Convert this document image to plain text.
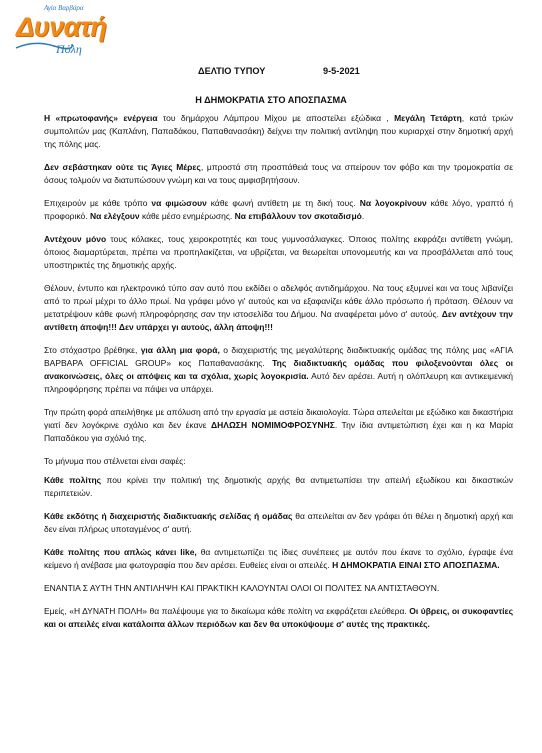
Αγία Βαρβάρα
Δυνατή
Πόλη
ΔΕΛΤΙΟ ΤΥΠΟΥ	9-5-2021
Η ΔΗΜΟΚΡΑΤΙΑ ΣΤΟ ΑΠΟΣΠΑΣΜΑ

Η «πρωτοφανής» ενέργεια του δημάρχου Λάμπρου Μίχου με αποστείλει εξώδικα , Μεγάλη Τετάρτη, κατά τριών συμπολιτών μας (Καπλάνη, Παπαδάκου, Παπαθανασάκη) δείχνει την πολιτική αντίληψη που κυριαρχεί στην δημοτική αρχή της πόλης μας.

Δεν σεβάστηκαν ούτε τις Άγιες Μέρες, μπροστά στη προσπάθειά τους να σπείρουν τον φόβο και την τρομοκρατία σε όσους τολμούν να διατυπώσουν γνώμη και να τους αμφισβητήσουν.

Επιχειρούν με κάθε τρόπο να φιμώσουν κάθε φωνή αντίθετη με τη δική τους. Να λογοκρίνουν κάθε λόγο, γραπτό ή προφορικό. Να ελέγξουν κάθε μέσο ενημέρωσης. Να επιβάλλουν τον σκοταδισμό.

Αντέχουν μόνο τους κόλακες, τους χειροκροτητές και τους γυμνοσάλιαγκες. Όποιος πολίτης εκφράζει αντίθετη γνώμη, όποιος διαμαρτύρεται, πρέπει να προπηλακίζεται, να υβρίζεται, να θεωρείται υπονομευτής και να προσβάλλεται από τους υποστηρικτές της δημοτικής αρχής.

Θέλουν, έντυπο και ηλεκτρονικό τύπο σαν αυτό που εκδίδει ο αδελφός αντιδημάρχου. Να τους εξυμνεί και να τους λιβανίζει από το πρωί μέχρι το άλλο πρωί. Να γράφει μόνο γι' αυτούς και να εξαφανίζει κάθε άλλο πρόσωπο ή πρόταση. Θέλουν να μετατρέψουν κάθε φωνή πληροφόρησης σαν την ιστοσελίδα του Δήμου. Να αναφέρεται μόνο σ' αυτούς. Δεν αντέχουν την αντίθετη άποψη!!! Δεν υπάρχει γι αυτούς, άλλη άποψη!!!

Στο στόχαστρο βρέθηκε, για άλλη μια φορά, ο διαχειριστής της μεγαλύτερης διαδικτυακής ομάδας της πόλης μας «ΑΓΙΑ ΒΑΡΒΑΡΑ OFFICIAL GROUP» κος Παπαθανασάκης. Της διαδικτυακής ομάδας που φιλοξενούνται όλες οι ανακοινώσεις, όλες οι απόψεις και τα σχόλια, χωρίς λογοκρισία. Αυτό δεν αρέσει. Αυτή η ολόπλευρη και αντικειμενική πληροφόρησης πρέπει να πάψει να υπάρχει.

Την πρώτη φορά απειλήθηκε με απόλυση από την εργασία με αστεία δικαιολογία. Τώρα απειλείται με εξώδικο και δικαστήρια γιατί δεν λογόκρινε σχόλιο και δεν έκανε ΔΗΛΩΣΗ ΝΟΜΙΜΟΦΡΟΣΥΝΗΣ. Την ίδια αντιμετώπιση έχει και η κα Μαρία Παπαδάκου για σχόλιό της.

Το μήνυμα που στέλνεται είναι σαφές:

Κάθε πολίτης που κρίνει την πολιτική της δημοτικής αρχής θα αντιμετωπίσει την απειλή εξωδίκου και δικαστικών περιπετειών.

Κάθε εκδότης ή διαχειριστής διαδικτυακής σελίδας ή ομάδας θα απειλείται αν δεν γράφει ότι θέλει η δημοτική αρχή και δεν είναι πλήρως υποταγμένος σ' αυτή.

Κάθε πολίτης που απλώς κάνει like, θα αντιμετωπίζει τις ίδιες συνέπειες με αυτόν που έκανε το σχόλιο, έγραψε ένα κείμενο ή ανέβασε μια φωτογραφία που δεν αρέσει. Ευθείες είναι οι απειλές. Η ΔΗΜΟΚΡΑΤΙΑ ΕΙΝΑΙ ΣΤΟ ΑΠΟΣΠΑΣΜΑ.

ΕΝΑΝΤΙΑ Σ ΑΥΤΗ ΤΗΝ ΑΝΤΙΛΗΨΗ ΚΑΙ ΠΡΑΚΤΙΚΗ ΚΑΛΟΥΝΤΑΙ ΟΛΟΙ ΟΙ ΠΟΛΙΤΕΣ ΝΑ ΑΝΤΙΣΤΑΘΟΥΝ.

Εμείς, «Η ΔΥΝΑΤΗ ΠΟΛΗ» θα παλέψουμε για το δικαίωμα κάθε πολίτη να εκφράζεται ελεύθερα. Οι ύβρεις, οι συκοφαντίες και οι απειλές είναι κατάλοιπα άλλων περιόδων και δεν θα υποκύψουμε σ' αυτές της πρακτικές.
